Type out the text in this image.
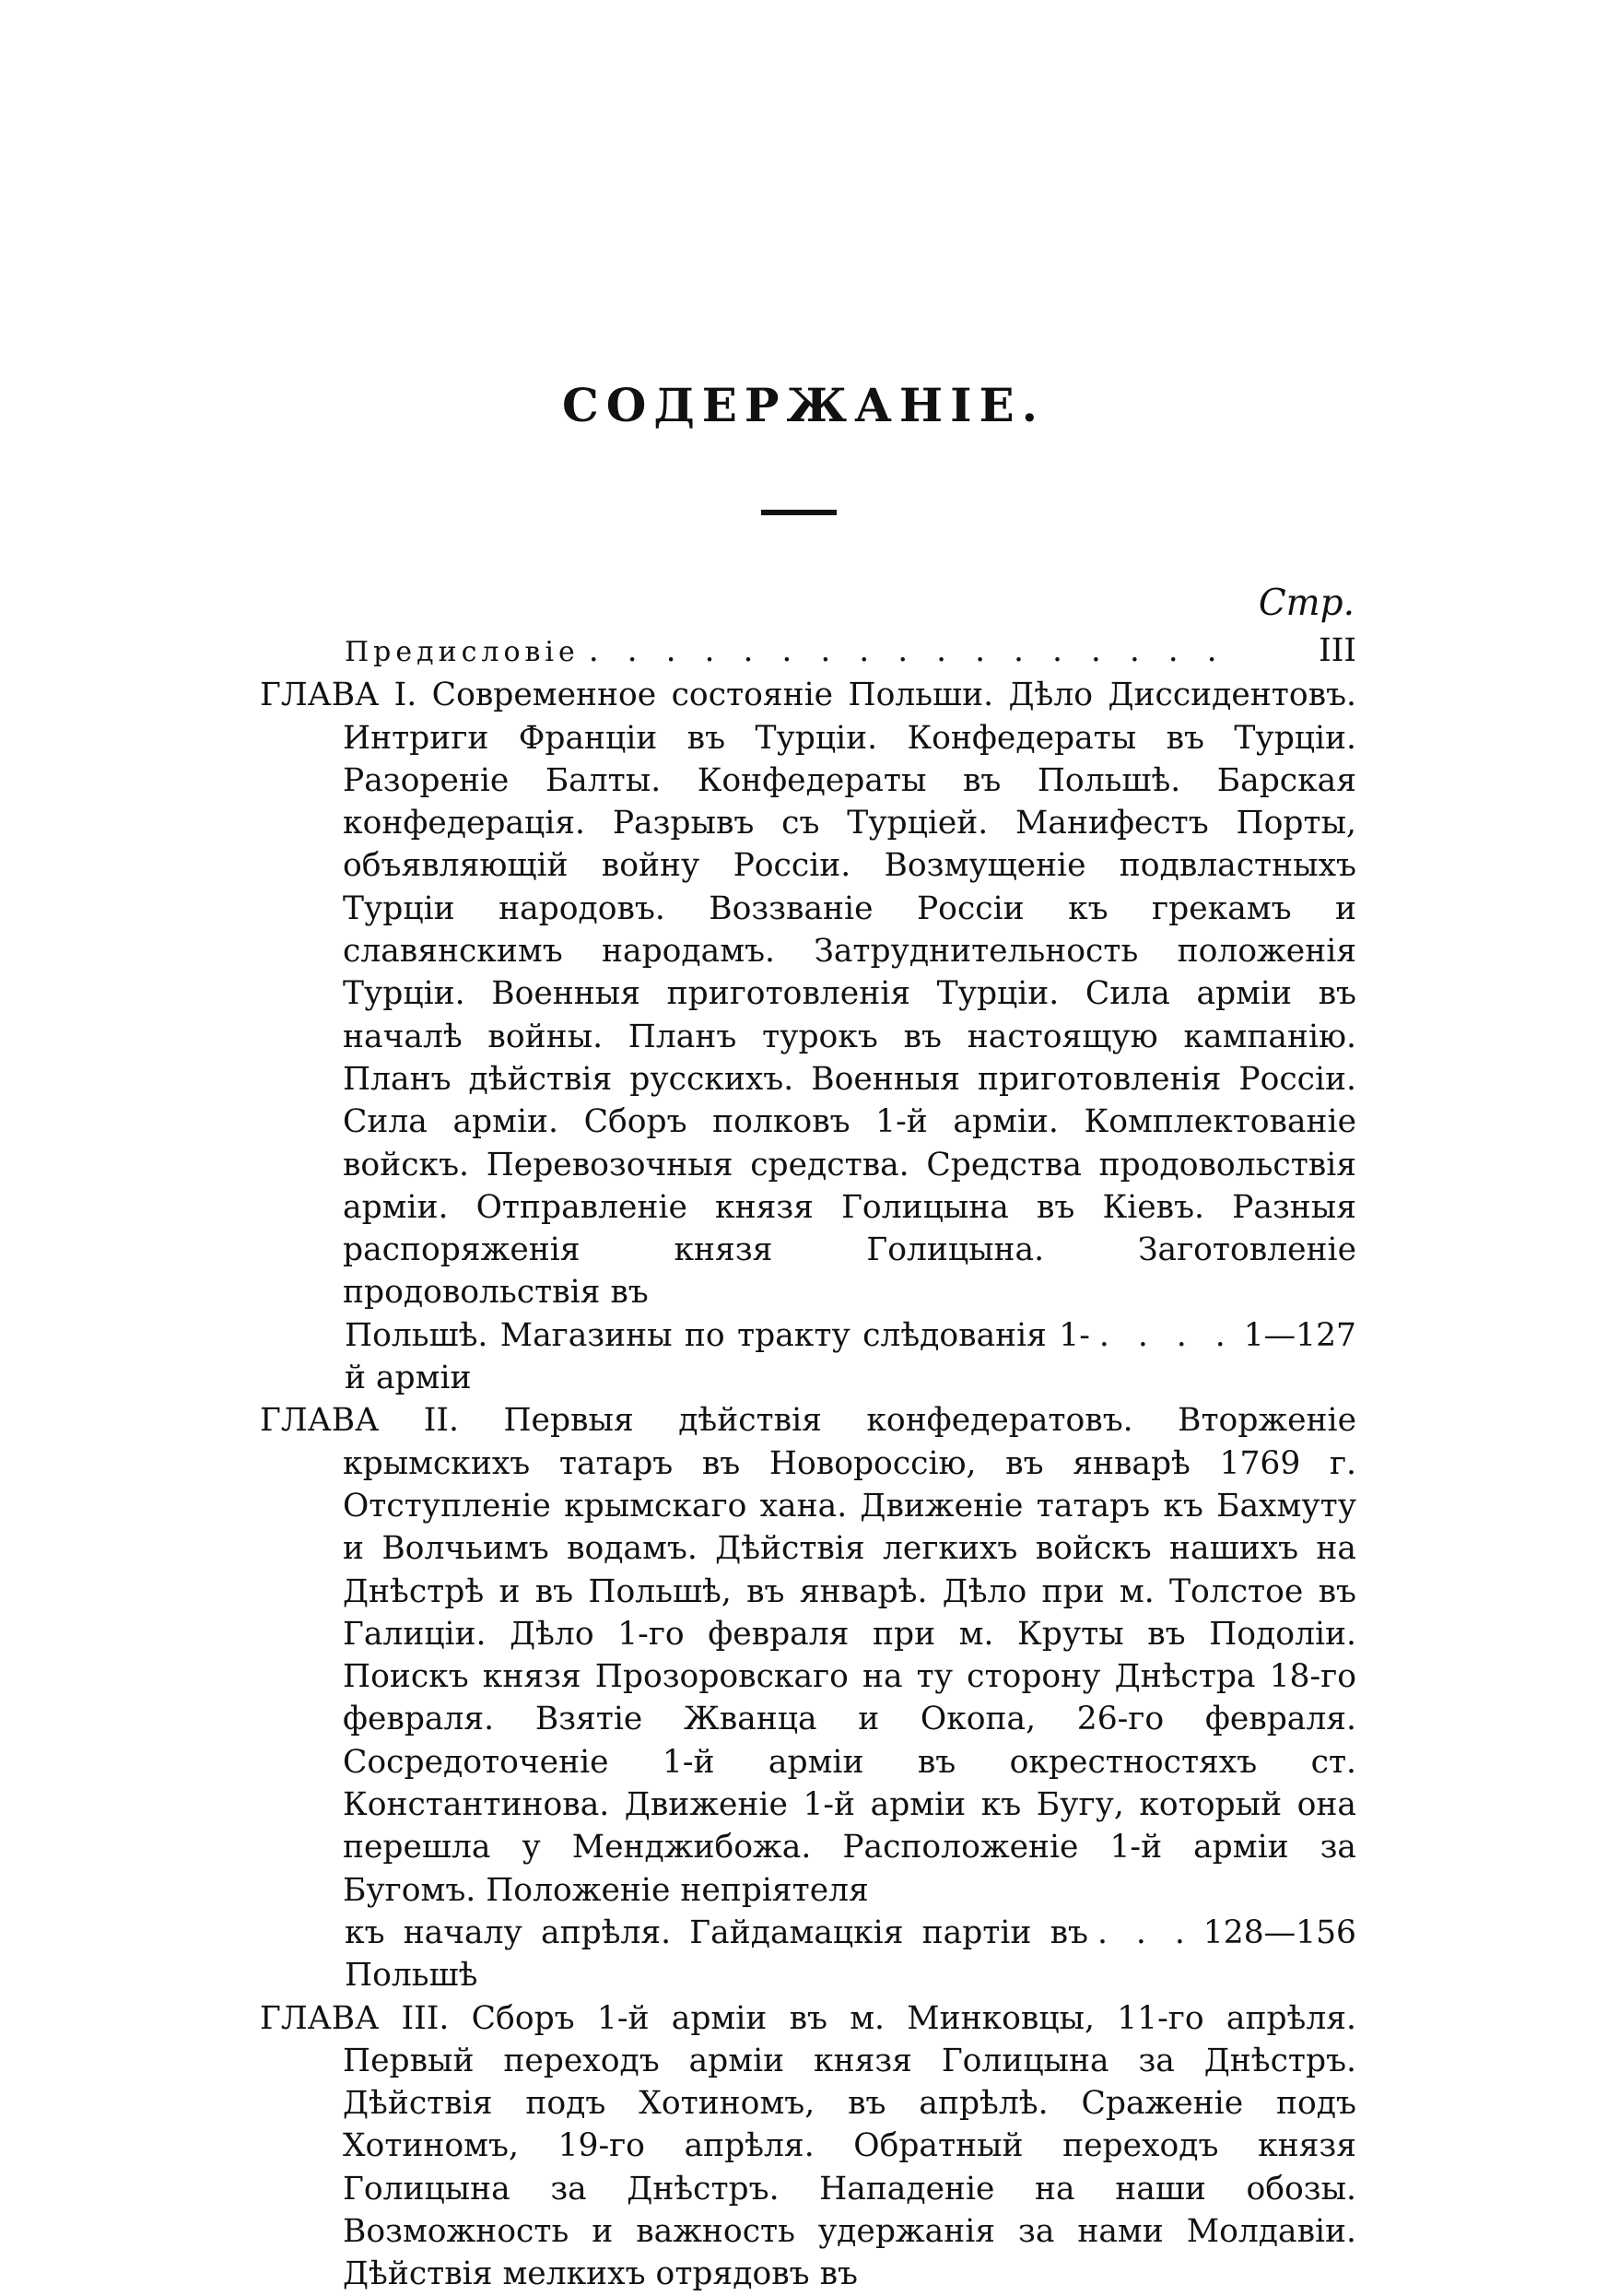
СОДЕРЖАНІЕ.
Стр.
Предисловіе . . . . . . . . . . . . . . . . .	III
ГЛАВА I. Современное состояніе Польши. Дѣло Диссидентовъ. Интриги Франціи въ Турціи. Конфедераты въ Турціи. Разореніе Балты. Конфедераты въ Польшѣ. Барская конфедерація. Разрывъ съ Турціей. Манифестъ Порты, объявляющій войну Россіи. Возмущеніе подвластныхъ Турціи народовъ. Воззваніе Россіи къ грекамъ и славянскимъ народамъ. Затруднительность положенія Турціи. Военныя приготовленія Турціи. Сила арміи въ началѣ войны. Планъ турокъ въ настоящую кампанію. Планъ дѣйствія русскихъ. Военныя приготовленія Россіи. Сила арміи. Сборъ полковъ 1-й арміи. Комплектованіе войскъ. Перевозочныя средства. Средства продовольствія арміи. Отправленіе князя Голицына въ Кіевъ. Разныя распоряженія князя Голицына. Заготовленіе продовольствія въ
Польшѣ. Магазины по тракту слѣдованія 1-й арміи
. . . . 1—127
ГЛАВА II. Первыя дѣйствія конфедератовъ. Вторженіе крымскихъ татаръ въ Новороссію, въ январѣ 1769 г. Отступленіе крымскаго хана. Движеніе татаръ къ Бахмуту и Волчьимъ водамъ. Дѣйствія легкихъ войскъ нашихъ на Днѣстрѣ и въ Польшѣ, въ январѣ. Дѣло при м. Толстое въ Галиціи. Дѣло 1-го февраля при м. Круты въ Подоліи. Поискъ князя Прозоровскаго на ту сторону Днѣстра 18-го февраля. Взятіе Жванца и Окопа, 26-го февраля. Сосредоточеніе 1-й арміи въ окрестностяхъ ст. Константинова. Движеніе 1-й арміи къ Бугу, который она перешла у Менджибожа. Расположеніе 1-й арміи за Бугомъ. Положеніе непріятеля
къ началу апрѣля. Гайдамацкія партіи въ Польшѣ
. . . 128—156
ГЛАВА III. Сборъ 1-й арміи въ м. Минковцы, 11-го апрѣля. Первый переходъ арміи князя Голицына за Днѣстръ. Дѣйствія подъ Хотиномъ, въ апрѣлѣ. Сраженіе подъ Хотиномъ, 19-го апрѣля. Обратный переходъ князя Голицына за Днѣстръ. Нападеніе на наши обозы. Возможность и важность удержанія за нами Молдавіи. Дѣйствія мелкихъ отрядовъ въ
